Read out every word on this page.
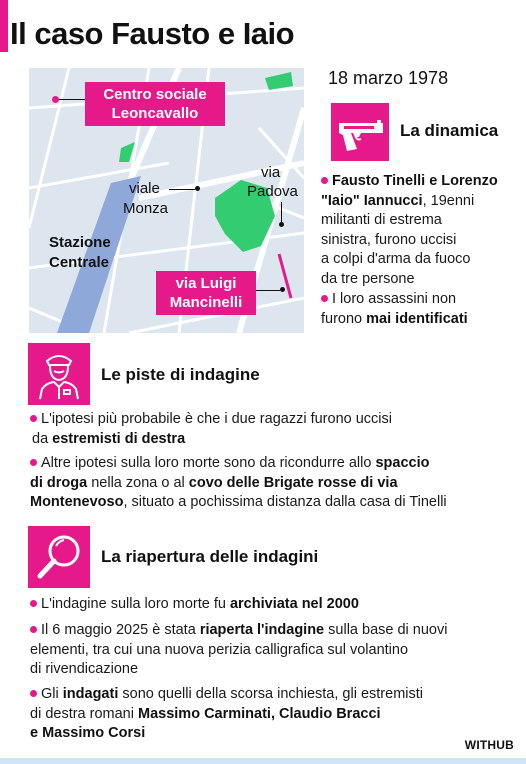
Il caso Fausto e Iaio
Centro sociale Leoncavallo
viale
Monza
via
Padova
Stazione
Centrale
via Luigi Mancinelli
18 marzo 1978
La dinamica
Fausto Tinelli e Lorenzo
"Iaio" Iannucci, 19enni
militanti di estrema
sinistra, furono uccisi
a colpi d'arma da fuoco
da tre persone
I loro assassini non
furono mai identificati
Le piste di indagine
L'ipotesi più probabile è che i due ragazzi furono uccisi
da estremisti di destra
Altre ipotesi sulla loro morte sono da ricondurre allo spaccio
di droga nella zona o al covo delle Brigate rosse di via
Montenevoso, situato a pochissima distanza dalla casa di Tinelli
La riapertura delle indagini
L'indagine sulla loro morte fu archiviata nel 2000
Il 6 maggio 2025 è stata riaperta l'indagine sulla base di nuovi
elementi, tra cui una nuova perizia calligrafica sul volantino
di rivendicazione
Gli indagati sono quelli della scorsa inchiesta, gli estremisti
di destra romani Massimo Carminati, Claudio Bracci
e Massimo Corsi
WITHUB
